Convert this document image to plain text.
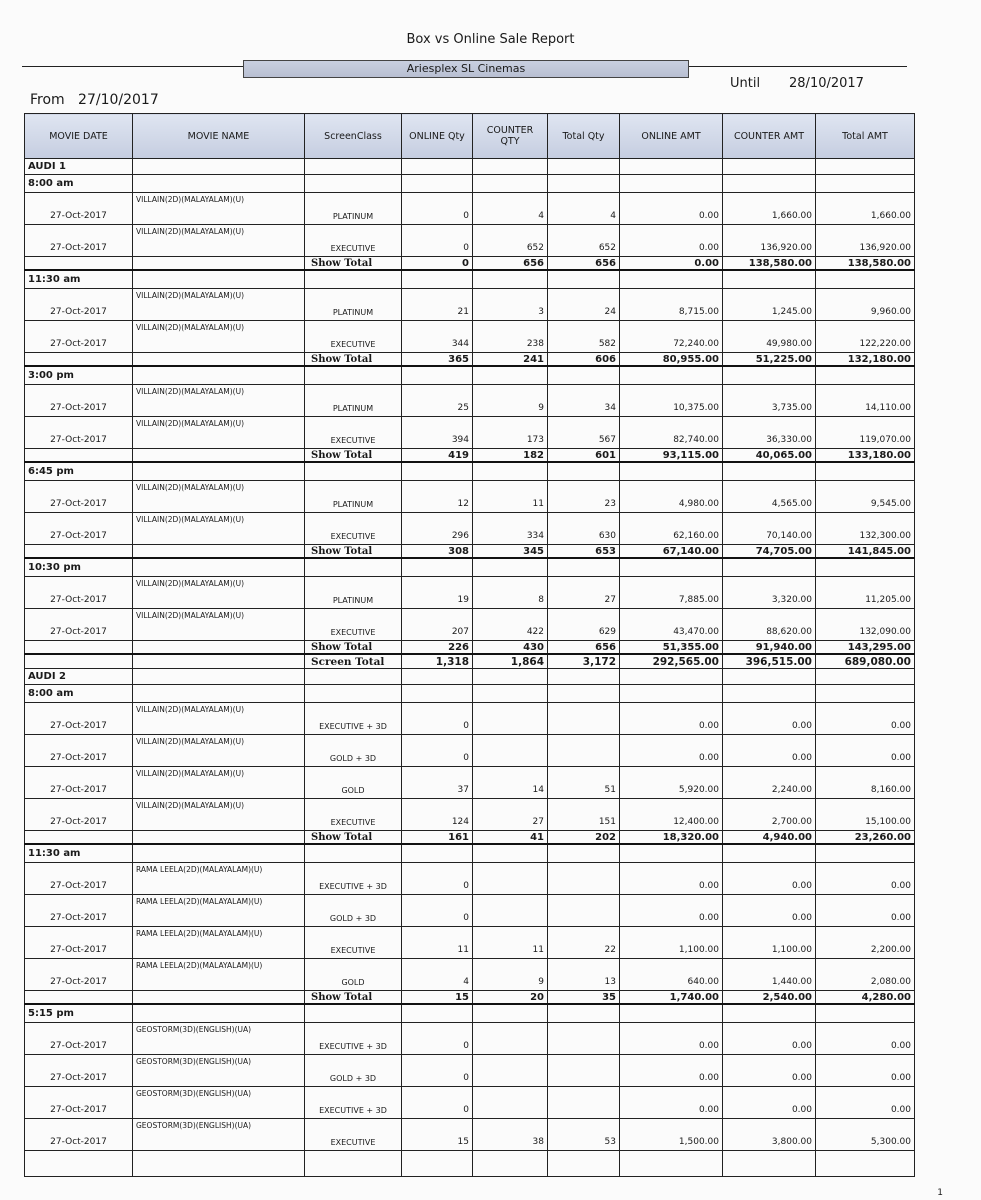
Box vs Online Sale Report
Ariesplex SL Cinemas
From 27/10/2017
Until 28/10/2017
MOVIE DATE	MOVIE NAME	ScreenClass	ONLINE Qty	COUNTER QTY	Total Qty	ONLINE AMT	COUNTER AMT	Total AMT
AUDI 1								
8:00 am								
27-Oct-2017	VILLAIN(2D)(MALAYALAM)(U)	PLATINUM	0	4	4	0.00	1,660.00	1,660.00
27-Oct-2017	VILLAIN(2D)(MALAYALAM)(U)	EXECUTIVE	0	652	652	0.00	136,920.00	136,920.00
		Show Total	0	656	656	0.00	138,580.00	138,580.00
11:30 am								
27-Oct-2017	VILLAIN(2D)(MALAYALAM)(U)	PLATINUM	21	3	24	8,715.00	1,245.00	9,960.00
27-Oct-2017	VILLAIN(2D)(MALAYALAM)(U)	EXECUTIVE	344	238	582	72,240.00	49,980.00	122,220.00
		Show Total	365	241	606	80,955.00	51,225.00	132,180.00
3:00 pm								
27-Oct-2017	VILLAIN(2D)(MALAYALAM)(U)	PLATINUM	25	9	34	10,375.00	3,735.00	14,110.00
27-Oct-2017	VILLAIN(2D)(MALAYALAM)(U)	EXECUTIVE	394	173	567	82,740.00	36,330.00	119,070.00
		Show Total	419	182	601	93,115.00	40,065.00	133,180.00
6:45 pm								
27-Oct-2017	VILLAIN(2D)(MALAYALAM)(U)	PLATINUM	12	11	23	4,980.00	4,565.00	9,545.00
27-Oct-2017	VILLAIN(2D)(MALAYALAM)(U)	EXECUTIVE	296	334	630	62,160.00	70,140.00	132,300.00
		Show Total	308	345	653	67,140.00	74,705.00	141,845.00
10:30 pm								
27-Oct-2017	VILLAIN(2D)(MALAYALAM)(U)	PLATINUM	19	8	27	7,885.00	3,320.00	11,205.00
27-Oct-2017	VILLAIN(2D)(MALAYALAM)(U)	EXECUTIVE	207	422	629	43,470.00	88,620.00	132,090.00
		Show Total	226	430	656	51,355.00	91,940.00	143,295.00
		Screen Total	1,318	1,864	3,172	292,565.00	396,515.00	689,080.00
AUDI 2								
8:00 am								
27-Oct-2017	VILLAIN(2D)(MALAYALAM)(U)	EXECUTIVE + 3D	0			0.00	0.00	0.00
27-Oct-2017	VILLAIN(2D)(MALAYALAM)(U)	GOLD + 3D	0			0.00	0.00	0.00
27-Oct-2017	VILLAIN(2D)(MALAYALAM)(U)	GOLD	37	14	51	5,920.00	2,240.00	8,160.00
27-Oct-2017	VILLAIN(2D)(MALAYALAM)(U)	EXECUTIVE	124	27	151	12,400.00	2,700.00	15,100.00
		Show Total	161	41	202	18,320.00	4,940.00	23,260.00
11:30 am								
27-Oct-2017	RAMA LEELA(2D)(MALAYALAM)(U)	EXECUTIVE + 3D	0			0.00	0.00	0.00
27-Oct-2017	RAMA LEELA(2D)(MALAYALAM)(U)	GOLD + 3D	0			0.00	0.00	0.00
27-Oct-2017	RAMA LEELA(2D)(MALAYALAM)(U)	EXECUTIVE	11	11	22	1,100.00	1,100.00	2,200.00
27-Oct-2017	RAMA LEELA(2D)(MALAYALAM)(U)	GOLD	4	9	13	640.00	1,440.00	2,080.00
		Show Total	15	20	35	1,740.00	2,540.00	4,280.00
5:15 pm								
27-Oct-2017	GEOSTORM(3D)(ENGLISH)(UA)	EXECUTIVE + 3D	0			0.00	0.00	0.00
27-Oct-2017	GEOSTORM(3D)(ENGLISH)(UA)	GOLD + 3D	0			0.00	0.00	0.00
27-Oct-2017	GEOSTORM(3D)(ENGLISH)(UA)	EXECUTIVE + 3D	0			0.00	0.00	0.00
27-Oct-2017	GEOSTORM(3D)(ENGLISH)(UA)	EXECUTIVE	15	38	53	1,500.00	3,800.00	5,300.00

1
